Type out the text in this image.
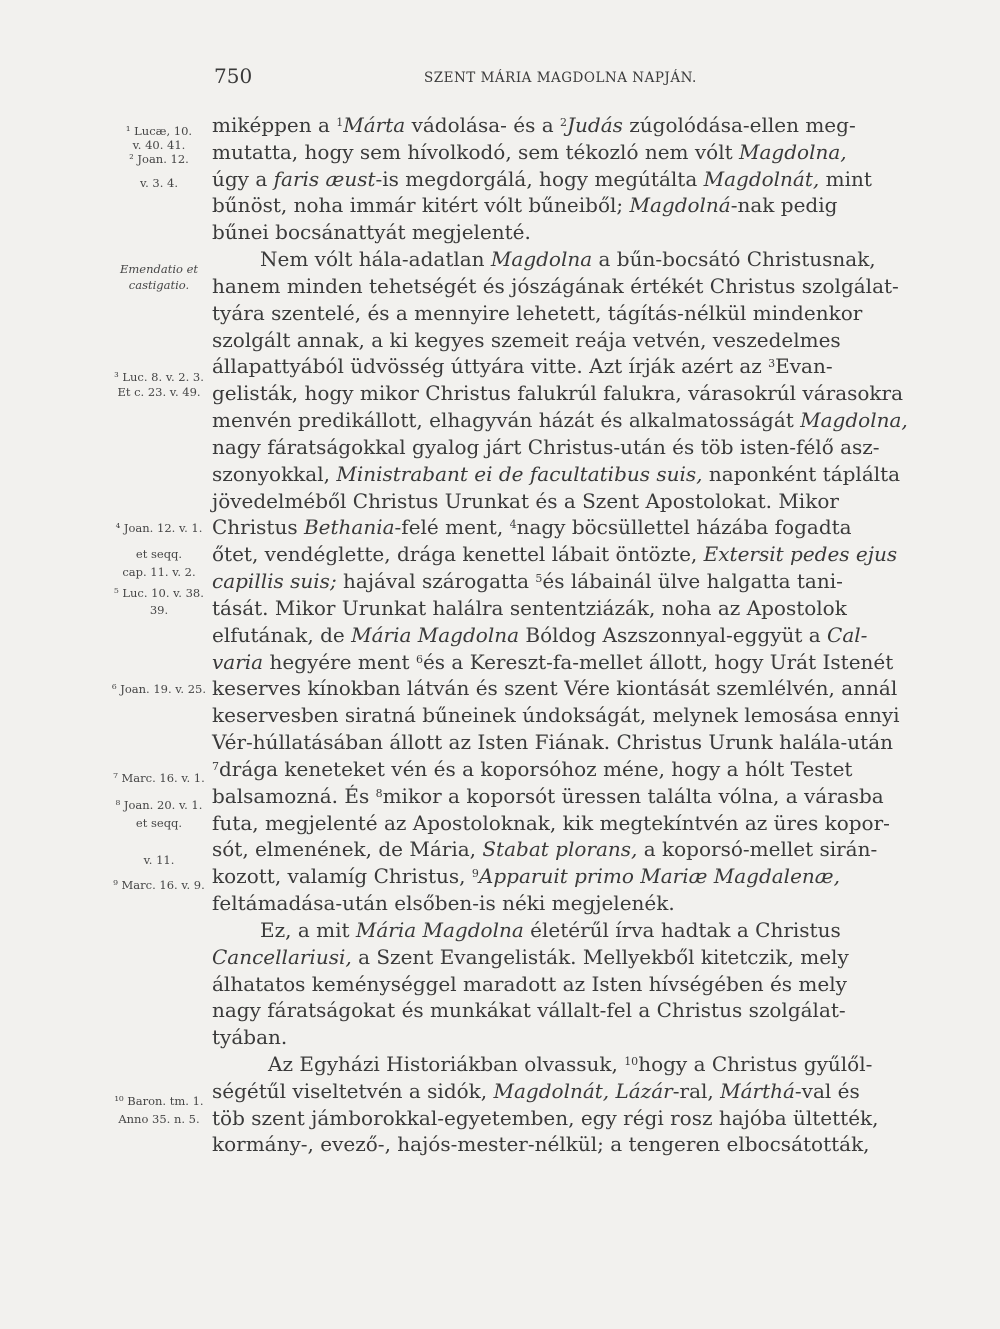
750	SZENT MÁRIA MAGDOLNA NAPJÁN.
¹ Lucæ, 10.
v. 40. 41.
² Joan. 12.
v. 3. 4.
Emendatio et
castigatio.
³ Luc. 8. v. 2. 3.
Et c. 23. v. 49.
⁴ Joan. 12. v. 1.
et seqq.
cap. 11. v. 2.
⁵ Luc. 10. v. 38.
39.
⁶ Joan. 19. v. 25.
⁷ Marc. 16. v. 1.
⁸ Joan. 20. v. 1.
et seqq.
v. 11.
⁹ Marc. 16. v. 9.
¹⁰ Baron. tm. 1.
Anno 35. n. 5.
miképpen a $^1$Márta vádolása- és a $^2$Judás zúgolódása-ellen meg-
mutatta, hogy sem hívolkodó, sem tékozló nem vólt Magdolna,
úgy a faris æust-is megdorgálá, hogy megútálta Magdolnát, mint
bűnöst, noha immár kitért vólt bűneiből; Magdolná-nak pedig
bűnei bocsánattyát megjelenté.
Nem vólt hála-adatlan Magdolna a bűn-bocsátó Christusnak,
hanem minden tehetségét és jószágának értékét Christus szolgálat-
tyára szentelé, és a mennyire lehetett, tágítás-nélkül mindenkor
szolgált annak, a ki kegyes szemeit reája vetvén, veszedelmes
állapattyából üdvösség úttyára vitte. Azt írják azért az $^3$Evan-
gelisták, hogy mikor Christus falukrúl falukra, várasokrúl várasokra
menvén predikállott, elhagyván házát és alkalmatosságát Magdolna,
nagy fáratságokkal gyalog járt Christus-után és töb isten-félő asz-
szonyokkal, Ministrabant ei de facultatibus suis, naponként táplálta
jövedelméből Christus Urunkat és a Szent Apostolokat. Mikor
Christus Bethania-felé ment, $^4$nagy böcsüllettel házába fogadta
őtet, vendéglette, drága kenettel lábait öntözte, Extersit pedes ejus
capillis suis; hajával szárogatta $^5$és lábainál ülve halgatta tani-
tását. Mikor Urunkat halálra sententziázák, noha az Apostolok
elfutának, de Mária Magdolna Bóldog Aszszonnyal-eggyüt a Cal-
varia hegyére ment $^6$és a Kereszt-fa-mellet állott, hogy Urát Istenét
keserves kínokban látván és szent Vére kiontását szemlélvén, annál
keservesben siratná bűneinek úndokságát, melynek lemosása ennyi
Vér-húllatásában állott az Isten Fiának. Christus Urunk halála-után
$^7$drága keneteket vén és a koporsóhoz méne, hogy a hólt Testet
balsamozná. És $^8$mikor a koporsót üressen találta vólna, a várasba
futa, megjelenté az Apostoloknak, kik megtekíntvén az üres kopor-
sót, elmenének, de Mária, Stabat plorans, a koporsó-mellet sirán-
kozott, valamíg Christus, $^9$Apparuit primo Mariæ Magdalenæ,
feltámadása-után elsőben-is néki megjelenék.
Ez, a mit Mária Magdolna életérűl írva hadtak a Christus
Cancellariusi, a Szent Evangelisták. Mellyekből kitetczik, mely
álhatatos keménységgel maradott az Isten hívségében és mely
nagy fáratságokat és munkákat vállalt-fel a Christus szolgálat-
tyában.
Az Egyházi Historiákban olvassuk, $^{10}$hogy a Christus gyűlől-
ségétűl viseltetvén a sidók, Magdolnát, Lázár-ral, Márthá-val és
töb szent jámborokkal-egyetemben, egy régi rosz hajóba ültették,
kormány-, evező-, hajós-mester-nélkül; a tengeren elbocsátották,
